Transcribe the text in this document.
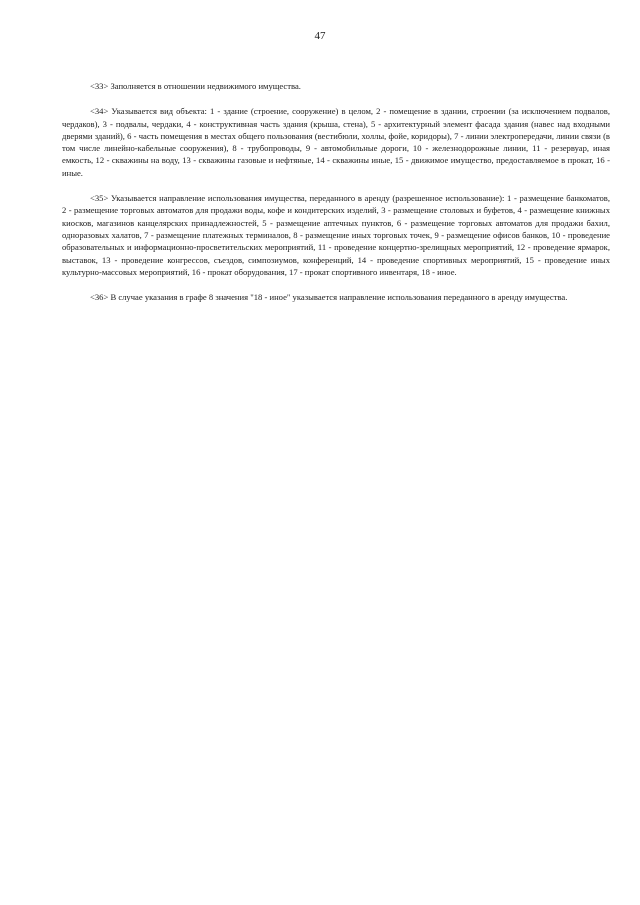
47

<33> Заполняется в отношении недвижимого имущества.

<34> Указывается вид объекта: 1 - здание (строение, сооружение) в целом, 2 - помещение в здании, строении (за исключением подвалов, чердаков), 3 - подвалы, чердаки, 4 - конструктивная часть здания (крыша, стена), 5 - архитектурный элемент фасада здания (навес над входными дверями зданий), 6 - часть помещения в местах общего пользования (вестибюли, холлы, фойе, коридоры), 7 - линии электропередачи, линии связи (в том числе линейно-кабельные сооружения), 8 - трубопроводы, 9 - автомобильные дороги, 10 - железнодорожные линии, 11 - резервуар, иная емкость, 12 - скважины на воду, 13 - скважины газовые и нефтяные, 14 - скважины иные, 15 - движимое имущество, предоставляемое в прокат, 16 - иные.

<35> Указывается направление использования имущества, переданного в аренду (разрешенное использование): 1 - размещение банкоматов, 2 - размещение торговых автоматов для продажи воды, кофе и кондитерских изделий, 3 - размещение столовых и буфетов, 4 - размещение книжных киосков, магазинов канцелярских принадлежностей, 5 - размещение аптечных пунктов, 6 - размещение торговых автоматов для продажи бахил, одноразовых халатов, 7 - размещение платежных терминалов, 8 - размещение иных торговых точек, 9 - размещение офисов банков, 10 - проведение образовательных и информационно-просветительских мероприятий, 11 - проведение концертно-зрелищных мероприятий, 12 - проведение ярмарок, выставок, 13 - проведение конгрессов, съездов, симпозиумов, конференций, 14 - проведение спортивных мероприятий, 15 - проведение иных культурно-массовых мероприятий, 16 - прокат оборудования, 17 - прокат спортивного инвентаря, 18 - иное.

<36> В случае указания в графе 8 значения "18 - иное" указывается направление использования переданного в аренду имущества.
